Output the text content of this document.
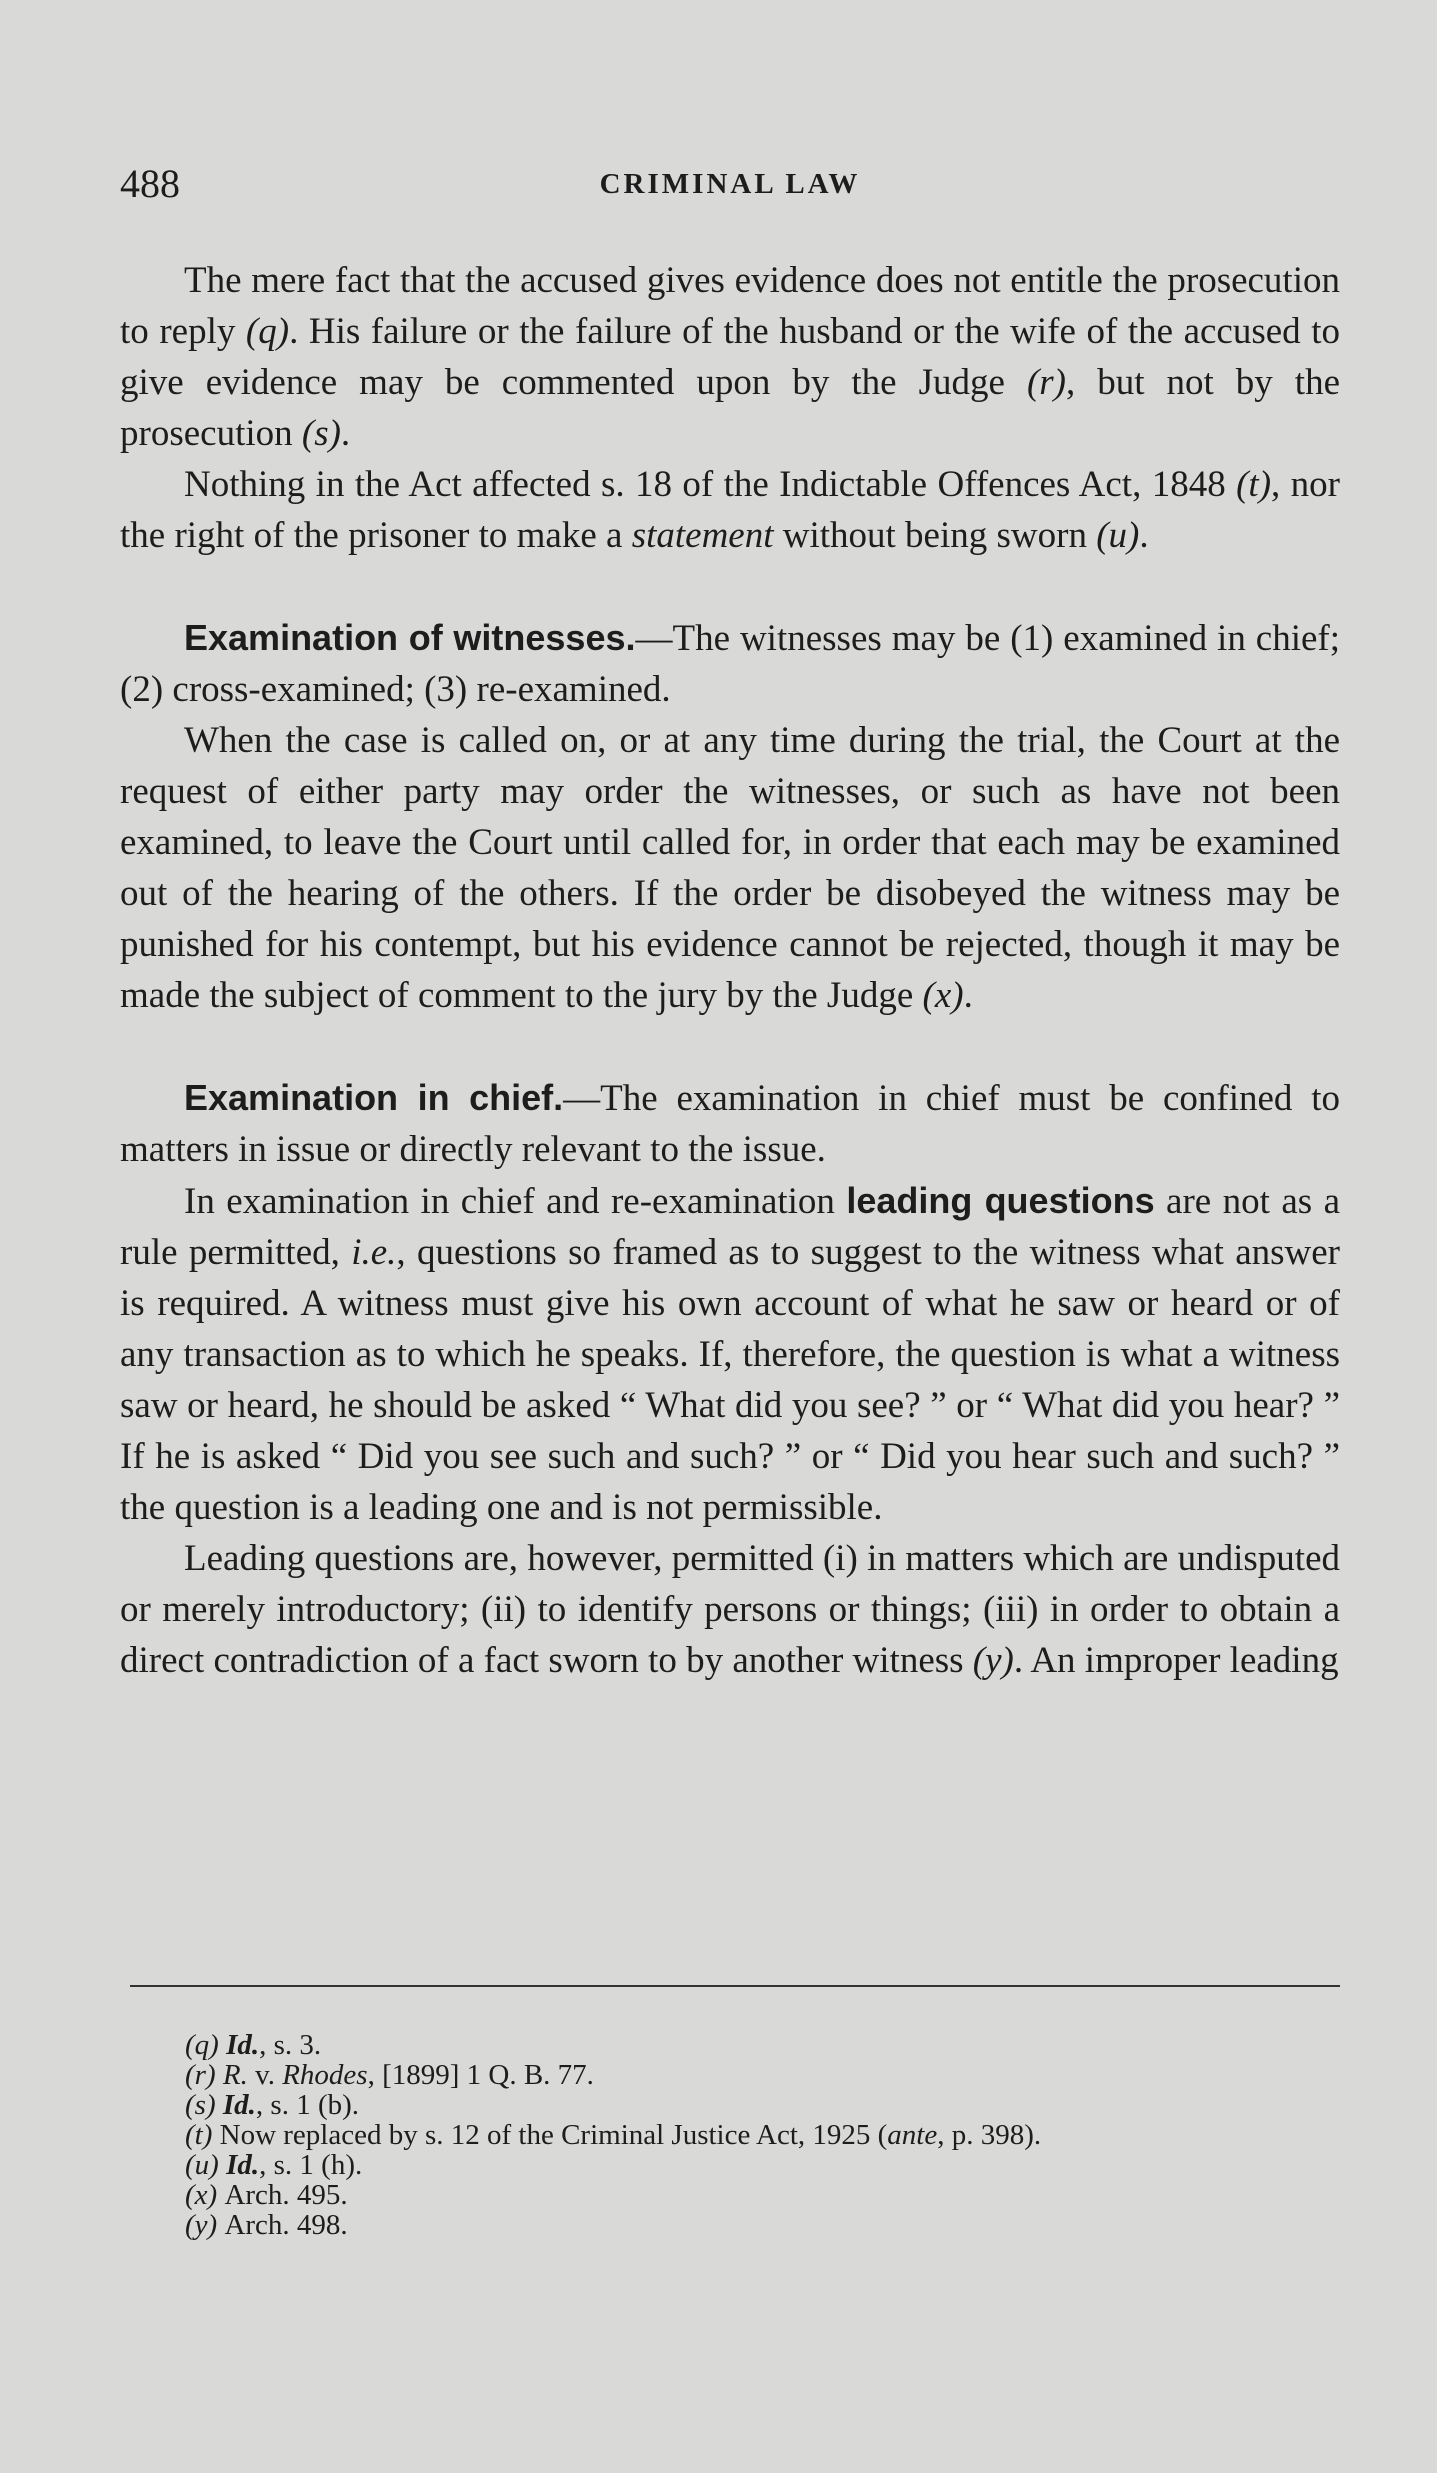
488	CRIMINAL LAW

The mere fact that the accused gives evidence does not entitle the prosecution to reply (q). His failure or the failure of the husband or the wife of the accused to give evidence may be commented upon by the Judge (r), but not by the prosecution (s).

Nothing in the Act affected s. 18 of the Indictable Offences Act, 1848 (t), nor the right of the prisoner to make a statement without being sworn (u).

Examination of witnesses.—The witnesses may be (1) examined in chief; (2) cross-examined; (3) re-examined.

When the case is called on, or at any time during the trial, the Court at the request of either party may order the witnesses, or such as have not been examined, to leave the Court until called for, in order that each may be examined out of the hearing of the others. If the order be disobeyed the witness may be punished for his contempt, but his evidence cannot be rejected, though it may be made the subject of comment to the jury by the Judge (x).

Examination in chief.—The examination in chief must be confined to matters in issue or directly relevant to the issue.

In examination in chief and re-examination leading questions are not as a rule permitted, i.e., questions so framed as to suggest to the witness what answer is required. A witness must give his own account of what he saw or heard or of any transaction as to which he speaks. If, therefore, the question is what a witness saw or heard, he should be asked “ What did you see? ” or “ What did you hear? ” If he is asked “ Did you see such and such? ” or “ Did you hear such and such? ” the question is a leading one and is not permissible.

Leading questions are, however, permitted (i) in matters which are undisputed or merely introductory; (ii) to identify persons or things; (iii) in order to obtain a direct contradiction of a fact sworn to by another witness (y). An improper leading

(q) Id., s. 3.
(r) R. v. Rhodes, [1899] 1 Q. B. 77.
(s) Id., s. 1 (b).
(t) Now replaced by s. 12 of the Criminal Justice Act, 1925 (ante, p. 398).
(u) Id., s. 1 (h).
(x) Arch. 495.
(y) Arch. 498.
